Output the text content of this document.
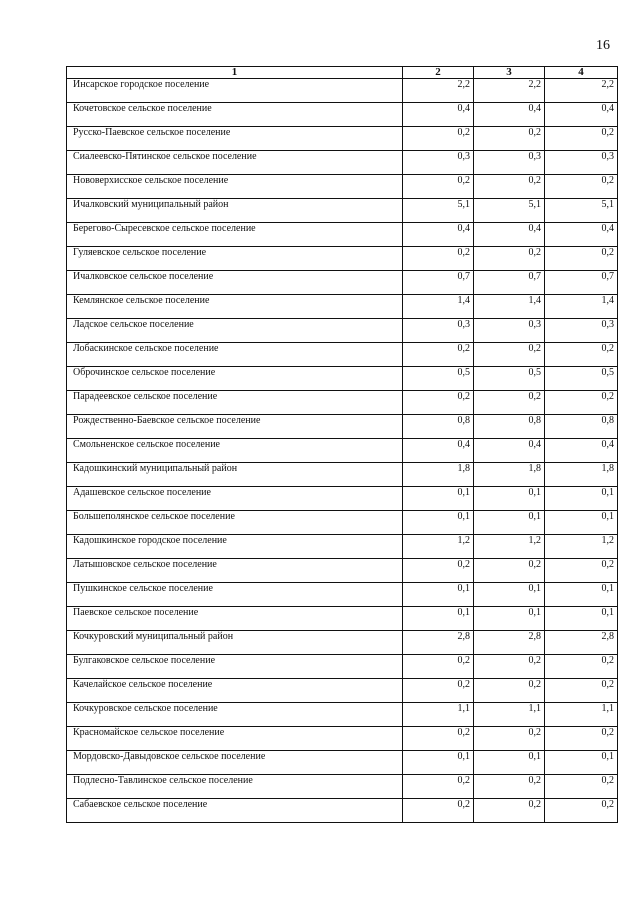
16
1	2	3	4
Инсарское городское поселение	2,2	2,2	2,2
Кочетовское сельское поселение	0,4	0,4	0,4
Русско-Паевское сельское поселение	0,2	0,2	0,2
Сиалеевско-Пятинское сельское поселение	0,3	0,3	0,3
Нововерхисское сельское поселение	0,2	0,2	0,2
Ичалковский муниципальный район	5,1	5,1	5,1
Берегово-Сыресевское сельское поселение	0,4	0,4	0,4
Гуляевское сельское поселение	0,2	0,2	0,2
Ичалковское сельское поселение	0,7	0,7	0,7
Кемлянское сельское поселение	1,4	1,4	1,4
Ладское сельское поселение	0,3	0,3	0,3
Лобаскинское сельское поселение	0,2	0,2	0,2
Оброчинское сельское поселение	0,5	0,5	0,5
Парадеевское сельское поселение	0,2	0,2	0,2
Рождественно-Баевское сельское поселение	0,8	0,8	0,8
Смольненское сельское поселение	0,4	0,4	0,4
Кадошкинский муниципальный район	1,8	1,8	1,8
Адашевское сельское поселение	0,1	0,1	0,1
Большеполянское сельское поселение	0,1	0,1	0,1
Кадошкинское городское поселение	1,2	1,2	1,2
Латышовское сельское поселение	0,2	0,2	0,2
Пушкинское сельское поселение	0,1	0,1	0,1
Паевское сельское поселение	0,1	0,1	0,1
Кочкуровский муниципальный район	2,8	2,8	2,8
Булгаковское сельское поселение	0,2	0,2	0,2
Качелайское сельское поселение	0,2	0,2	0,2
Кочкуровское сельское поселение	1,1	1,1	1,1
Красномайское сельское поселение	0,2	0,2	0,2
Мордовско-Давыдовское сельское поселение	0,1	0,1	0,1
Подлесно-Тавлинское сельское поселение	0,2	0,2	0,2
Сабаевское сельское поселение	0,2	0,2	0,2
